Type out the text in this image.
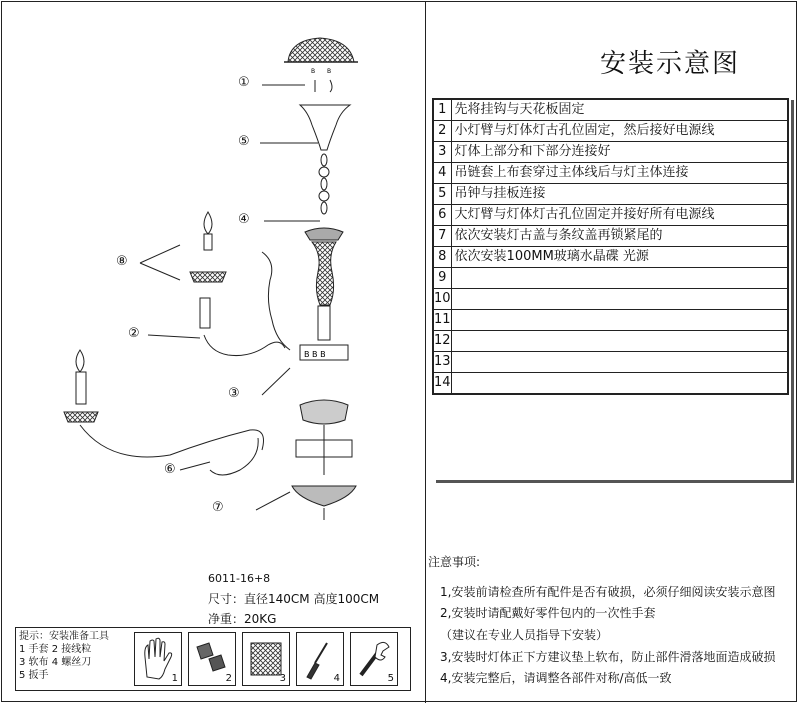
B B
B B B
①
⑤
④
⑧
②
③
⑥
⑦
安装示意图
1	先将挂钩与天花板固定
2	小灯臂与灯体灯古孔位固定，然后接好电源线
3	灯体上部分和下部分连接好
4	吊链套上布套穿过主体线后与灯主体连接
5	吊钟与挂板连接
6	大灯臂与灯体灯古孔位固定并接好所有电源线
7	依次安装灯古盖与条纹盖再锁紧尾的
8	依次安装100MM玻璃水晶碟 光源
9	
10	
11	
12	
13	
14	
注意事项:
1,安装前请检查所有配件是否有破损，必须仔细阅读安装示意图
2,安装时请配戴好零件包内的一次性手套
（建议在专业人员指导下安装）
3,安装时灯体正下方建议垫上软布，防止部件滑落地面造成破损
4,安装完整后，请调整各部件对称/高低一致
6011-16+8
尺寸：直径140CM 高度100CM
净重：20KG
提示：安装准备工具
1 手套 2 接线粒
3 软布 4 螺丝刀
5 扳手	1	2	3	4	5
